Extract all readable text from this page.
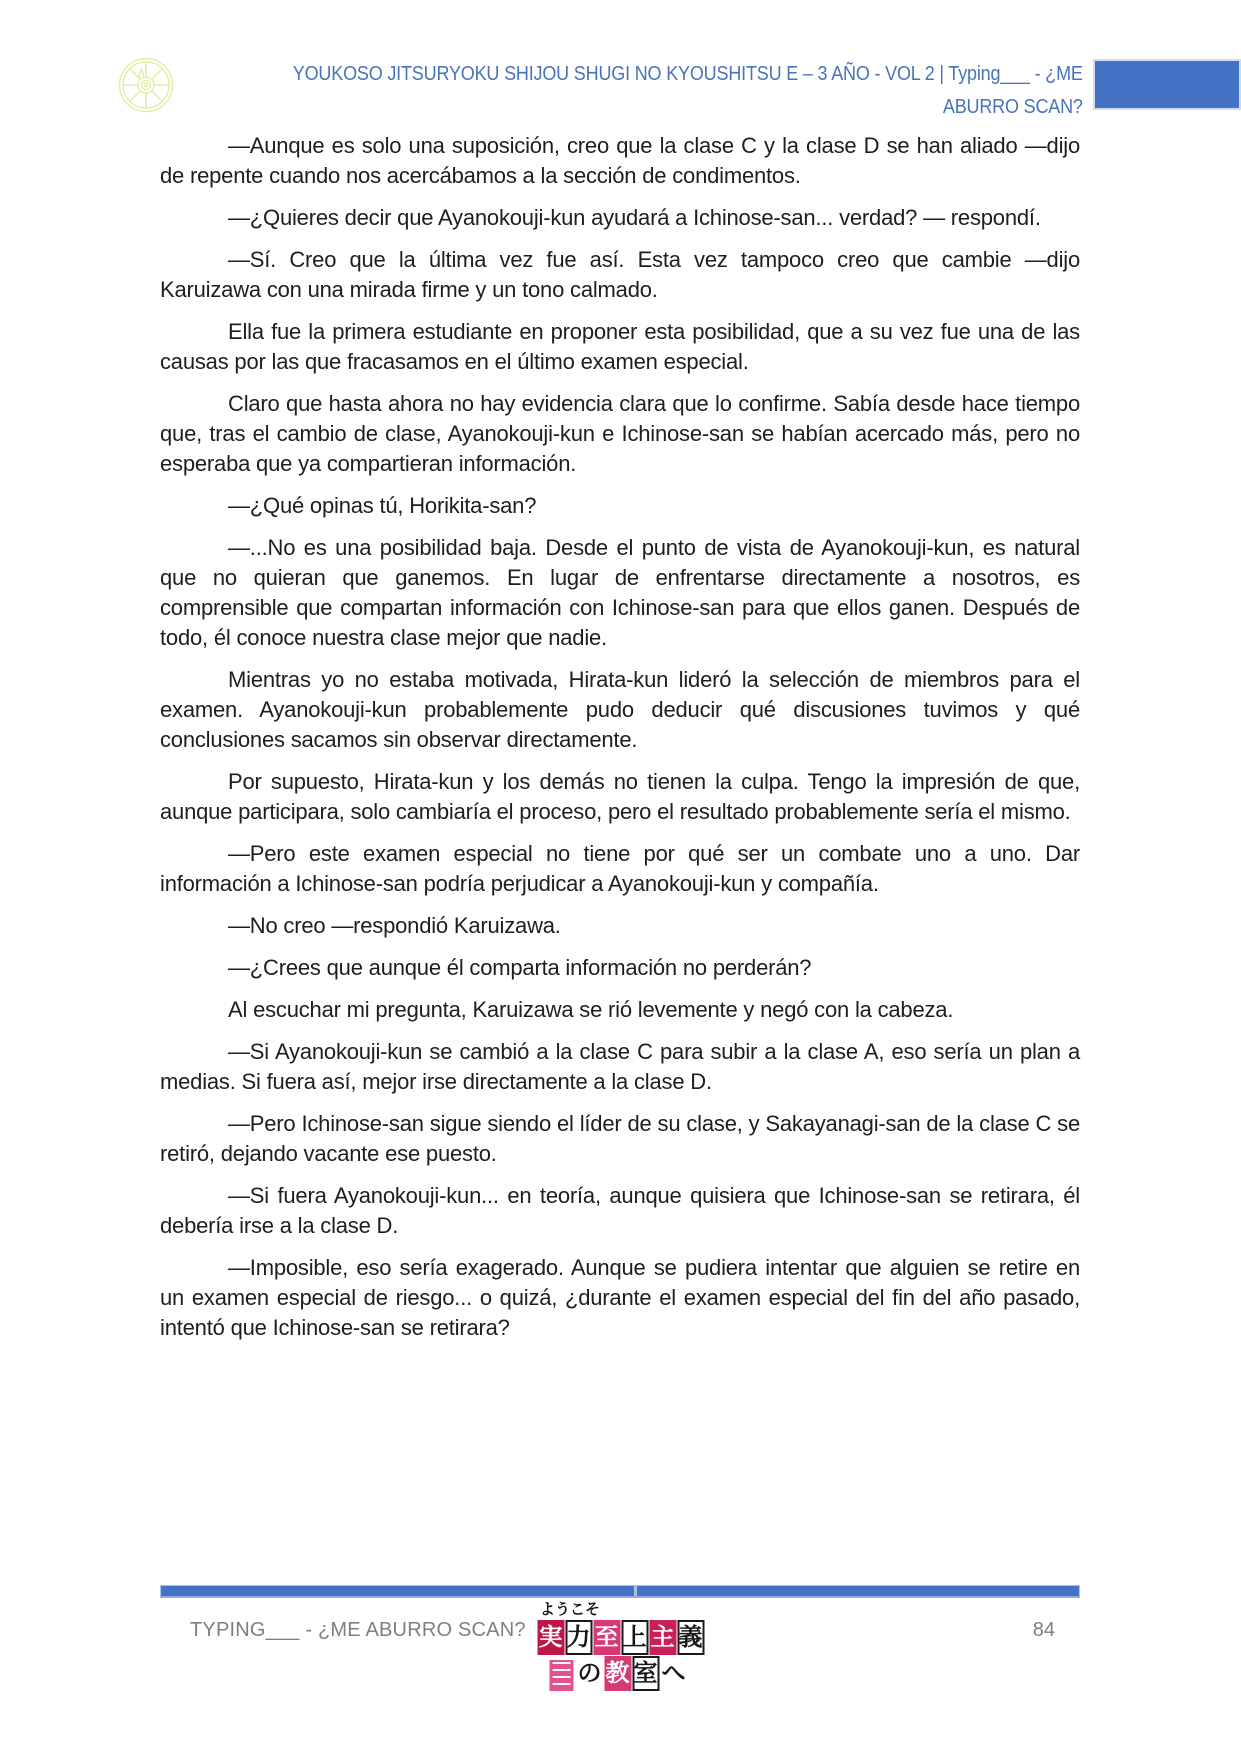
YOUKOSO JITSURYOKU SHIJOU SHUGI NO KYOUSHITSU E – 3 AÑO - VOL 2 | Typing___ - ¿ME
ABURRO SCAN?

—Aunque es solo una suposición, creo que la clase C y la clase D se han aliado —dijo de repente cuando nos acercábamos a la sección de condimentos.

—¿Quieres decir que Ayanokouji-kun ayudará a Ichinose-san... verdad? — respondí.

—Sí. Creo que la última vez fue así. Esta vez tampoco creo que cambie —dijo Karuizawa con una mirada firme y un tono calmado.

Ella fue la primera estudiante en proponer esta posibilidad, que a su vez fue una de las causas por las que fracasamos en el último examen especial.

Claro que hasta ahora no hay evidencia clara que lo confirme. Sabía desde hace tiempo que, tras el cambio de clase, Ayanokouji-kun e Ichinose-san se habían acercado más, pero no esperaba que ya compartieran información.

—¿Qué opinas tú, Horikita-san?

—...No es una posibilidad baja. Desde el punto de vista de Ayanokouji-kun, es natural que no quieran que ganemos. En lugar de enfrentarse directamente a nosotros, es comprensible que compartan información con Ichinose-san para que ellos ganen. Después de todo, él conoce nuestra clase mejor que nadie.

Mientras yo no estaba motivada, Hirata-kun lideró la selección de miembros para el examen. Ayanokouji-kun probablemente pudo deducir qué discusiones tuvimos y qué conclusiones sacamos sin observar directamente.

Por supuesto, Hirata-kun y los demás no tienen la culpa. Tengo la impresión de que, aunque participara, solo cambiaría el proceso, pero el resultado probablemente sería el mismo.

—Pero este examen especial no tiene por qué ser un combate uno a uno. Dar información a Ichinose-san podría perjudicar a Ayanokouji-kun y compañía.

—No creo —respondió Karuizawa.

—¿Crees que aunque él comparta información no perderán?

Al escuchar mi pregunta, Karuizawa se rió levemente y negó con la cabeza.

—Si Ayanokouji-kun se cambió a la clase C para subir a la clase A, eso sería un plan a medias. Si fuera así, mejor irse directamente a la clase D.

—Pero Ichinose-san sigue siendo el líder de su clase, y Sakayanagi-san de la clase C se retiró, dejando vacante ese puesto.

—Si fuera Ayanokouji-kun... en teoría, aunque quisiera que Ichinose-san se retirara, él debería irse a la clase D.

—Imposible, eso sería exagerado. Aunque se pudiera intentar que alguien se retire en un examen especial de riesgo... o quizá, ¿durante el examen especial del fin del año pasado, intentó que Ichinose-san se retirara?

TYPING___ - ¿ME ABURRO SCAN?
ようこそ
実 力 至 上 主 義
の 教 室 へ
84
